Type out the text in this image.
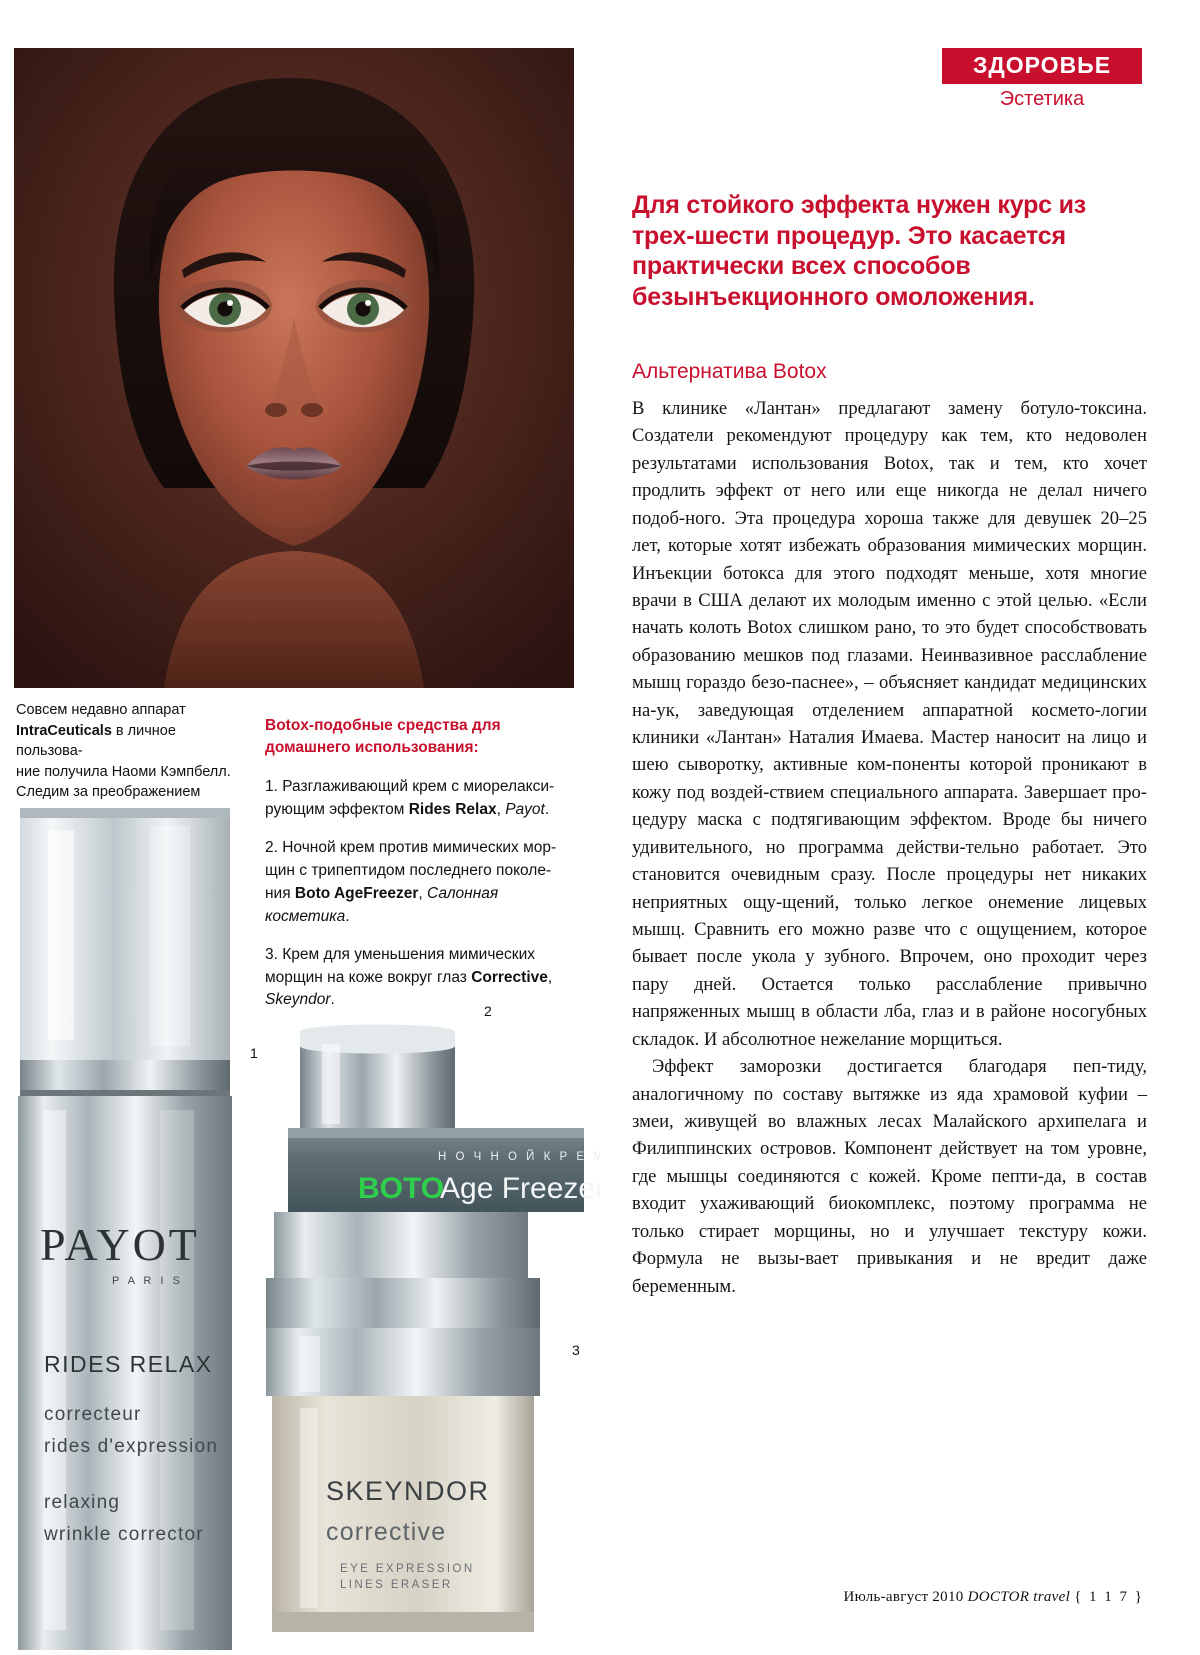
ЗДОРОВЬЕ
Эстетика
Совсем недавно аппарат
IntraCeuticals в личное пользова-
ние получила Наоми Кэмпбелл.
Следим за преображением
Botox-подобные средства для домашнего использования:
1. Разглаживающий крем с миорелакси-рующим эффектом Rides Relax, Payot.
2. Ночной крем против мимических мор-щин с трипептидом последнего поколе-ния Boto AgeFreezer, Салонная косметика.
3. Крем для уменьшения мимических морщин на коже вокруг глаз Corrective, Skeyndor.
PAYOT
P A R I S
RIDES RELAX
correcteur
rides d'expression
relaxing
wrinkle corrector
Н О Ч Н О Й К Р Е М
BOTO
Age Freezer
SKEYNDOR
corrective
EYE EXPRESSION
LINES ERASER
1
2
3
Для стойкого эффекта нужен курс из трех-шести процедур. Это касается практически всех способов безынъекционного омоложения.
Альтернатива Botox

В клинике «Лантан» предлагают замену ботуло-токсина. Создатели рекомендуют процедуру как тем, кто недоволен результатами использования Botox, так и тем, кто хочет продлить эффект от него или еще никогда не делал ничего подоб-ного. Эта процедура хороша также для девушек 20–25 лет, которые хотят избежать образования мимических морщин. Инъекции ботокса для этого подходят меньше, хотя многие врачи в США делают их молодым именно с этой целью. «Если начать колоть Botox слишком рано, то это будет способствовать образованию мешков под глазами. Неинвазивное расслабление мышц гораздо безо-паснее», – объясняет кандидат медицинских на-ук, заведующая отделением аппаратной космето-логии клиники «Лантан» Наталия Имаева. Мастер наносит на лицо и шею сыворотку, активные ком-поненты которой проникают в кожу под воздей-ствием специального аппарата. Завершает про-цедуру маска с подтягивающим эффектом. Вроде бы ничего удивительного, но программа действи-тельно работает. Это становится очевидным сразу. После процедуры нет никаких неприятных ощу-щений, только легкое онемение лицевых мышц. Сравнить его можно разве что с ощущением, которое бывает после укола у зубного. Впрочем, оно проходит через пару дней. Остается только расслабление привычно напряженных мышц в области лба, глаз и в районе носогубных складок. И абсолютное нежелание морщиться.

Эффект заморозки достигается благодаря пеп-тиду, аналогичному по составу вытяжке из яда храмовой куфии – змеи, живущей во влажных лесах Малайского архипелага и Филиппинских островов. Компонент действует на том уровне, где мышцы соединяются с кожей. Кроме пепти-да, в состав входит ухаживающий биокомплекс, поэтому программа не только стирает морщины, но и улучшает текстуру кожи. Формула не вызы-вает привыкания и не вредит даже беременным.

Июль-август 2010 DOCTOR travel { 1 1 7 }
